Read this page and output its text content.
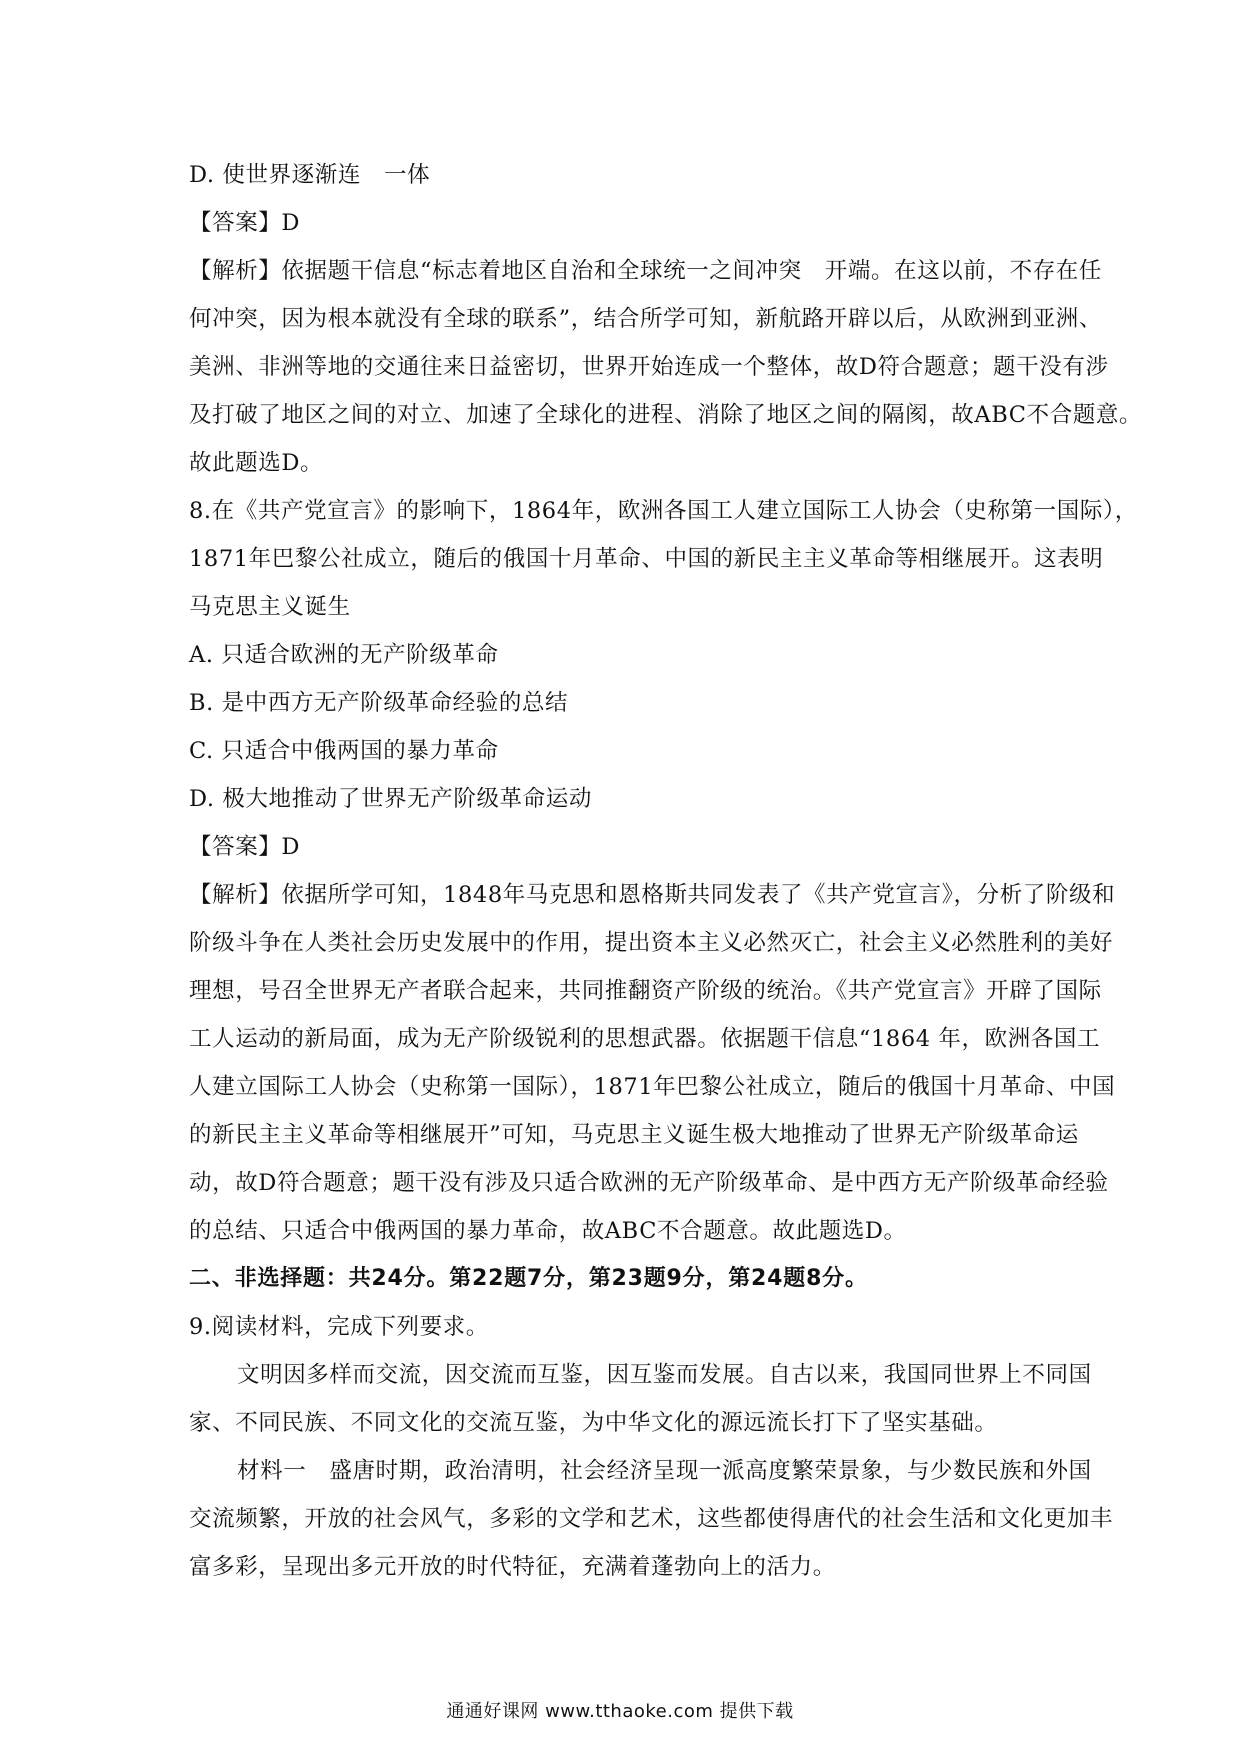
D. 使世界逐渐连　一体
【答案】D
【解析】依据题干信息“标志着地区自治和全球统一之间冲突　开端。在这以前，不存在任
何冲突，因为根本就没有全球的联系”，结合所学可知，新航路开辟以后，从欧洲到亚洲、
美洲、非洲等地的交通往来日益密切，世界开始连成一个整体，故D符合题意；题干没有涉
及打破了地区之间的对立、加速了全球化的进程、消除了地区之间的隔阂，故ABC不合题意。
故此题选D。
8.在《共产党宣言》的影响下，1864年，欧洲各国工人建立国际工人协会（史称第一国际），
1871年巴黎公社成立，随后的俄国十月革命、中国的新民主主义革命等相继展开。这表明
马克思主义诞生
A. 只适合欧洲的无产阶级革命
B. 是中西方无产阶级革命经验的总结
C. 只适合中俄两国的暴力革命
D. 极大地推动了世界无产阶级革命运动
【答案】D
【解析】依据所学可知，1848年马克思和恩格斯共同发表了《共产党宣言》，分析了阶级和
阶级斗争在人类社会历史发展中的作用，提出资本主义必然灭亡，社会主义必然胜利的美好
理想，号召全世界无产者联合起来，共同推翻资产阶级的统治。《共产党宣言》开辟了国际
工人运动的新局面，成为无产阶级锐利的思想武器。依据题干信息“1864 年，欧洲各国工
人建立国际工人协会（史称第一国际），1871年巴黎公社成立，随后的俄国十月革命、中国
的新民主主义革命等相继展开”可知，马克思主义诞生极大地推动了世界无产阶级革命运
动，故D符合题意；题干没有涉及只适合欧洲的无产阶级革命、是中西方无产阶级革命经验
的总结、只适合中俄两国的暴力革命，故ABC不合题意。故此题选D。
二、非选择题：共24分。第22题7分，第23题9分，第24题8分。
9.阅读材料，完成下列要求。
文明因多样而交流，因交流而互鉴，因互鉴而发展。自古以来，我国同世界上不同国
家、不同民族、不同文化的交流互鉴，为中华文化的源远流长打下了坚实基础。
材料一　盛唐时期，政治清明，社会经济呈现一派高度繁荣景象，与少数民族和外国
交流频繁，开放的社会风气，多彩的文学和艺术，这些都使得唐代的社会生活和文化更加丰
富多彩，呈现出多元开放的时代特征，充满着蓬勃向上的活力。
通通好课网 www.tthaoke.com 提供下载
